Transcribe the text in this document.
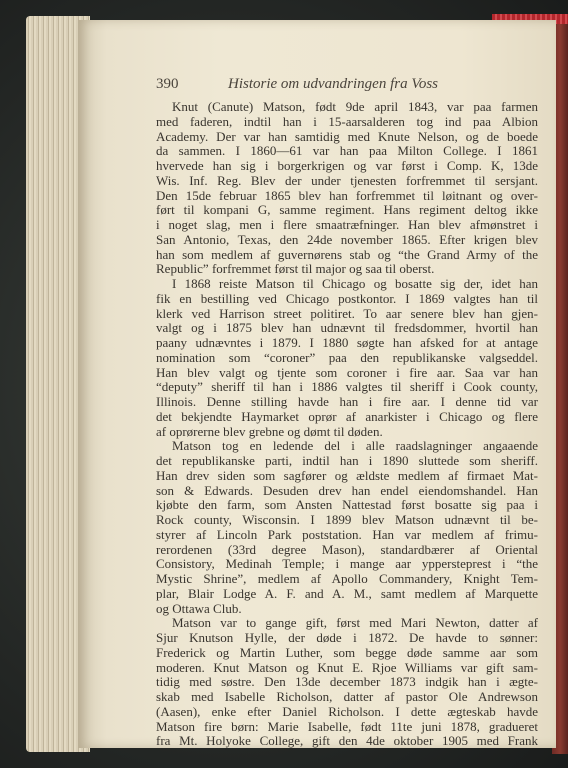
390	Historie om udvandringen fra Voss
Knut (Canute) Matson, født 9de april 1843, var paa farmen
med faderen, indtil han i 15-aarsalderen tog ind paa Albion
Academy. Der var han samtidig med Knute Nelson, og de boede
da sammen. I 1860—61 var han paa Milton College. I 1861
hvervede han sig i borgerkrigen og var først i Comp. K, 13de
Wis. Inf. Reg. Blev der under tjenesten forfremmet til sersjant.
Den 15de februar 1865 blev han forfremmet til løitnant og over-
ført til kompani G, samme regiment. Hans regiment deltog ikke
i noget slag, men i flere smaatræfninger. Han blev afmønstret i
San Antonio, Texas, den 24de november 1865. Efter krigen blev
han som medlem af guvernørens stab og “the Grand Army of the
Republic” forfremmet først til major og saa til oberst.
I 1868 reiste Matson til Chicago og bosatte sig der, idet han
fik en bestilling ved Chicago postkontor. I 1869 valgtes han til
klerk ved Harrison street politiret. To aar senere blev han gjen-
valgt og i 1875 blev han udnævnt til fredsdommer, hvortil han
paany udnævntes i 1879. I 1880 søgte han afsked for at antage
nomination som “coroner” paa den republikanske valgseddel.
Han blev valgt og tjente som coroner i fire aar. Saa var han
“deputy” sheriff til han i 1886 valgtes til sheriff i Cook county,
Illinois. Denne stilling havde han i fire aar. I denne tid var
det bekjendte Haymarket oprør af anarkister i Chicago og flere
af oprørerne blev grebne og dømt til døden.
Matson tog en ledende del i alle raadslagninger angaaende
det republikanske parti, indtil han i 1890 sluttede som sheriff.
Han drev siden som sagfører og ældste medlem af firmaet Mat-
son & Edwards. Desuden drev han endel eiendomshandel. Han
kjøbte den farm, som Ansten Nattestad først bosatte sig paa i
Rock county, Wisconsin. I 1899 blev Matson udnævnt til be-
styrer af Lincoln Park poststation. Han var medlem af frimu-
rerordenen (33rd degree Mason), standardbærer af Oriental
Consistory, Medinah Temple; i mange aar yppersteprest i “the
Mystic Shrine”, medlem af Apollo Commandery, Knight Tem-
plar, Blair Lodge A. F. and A. M., samt medlem af Marquette
og Ottawa Club.
Matson var to gange gift, først med Mari Newton, datter af
Sjur Knutson Hylle, der døde i 1872. De havde to sønner:
Frederick og Martin Luther, som begge døde samme aar som
moderen. Knut Matson og Knut E. Rjoe Williams var gift sam-
tidig med søstre. Den 13de december 1873 indgik han i ægte-
skab med Isabelle Richolson, datter af pastor Ole Andrewson
(Aasen), enke efter Daniel Richolson. I dette ægteskab havde
Matson fire børn: Marie Isabelle, født 11te juni 1878, gradueret
fra Mt. Holyoke College, gift den 4de oktober 1905 med Frank
